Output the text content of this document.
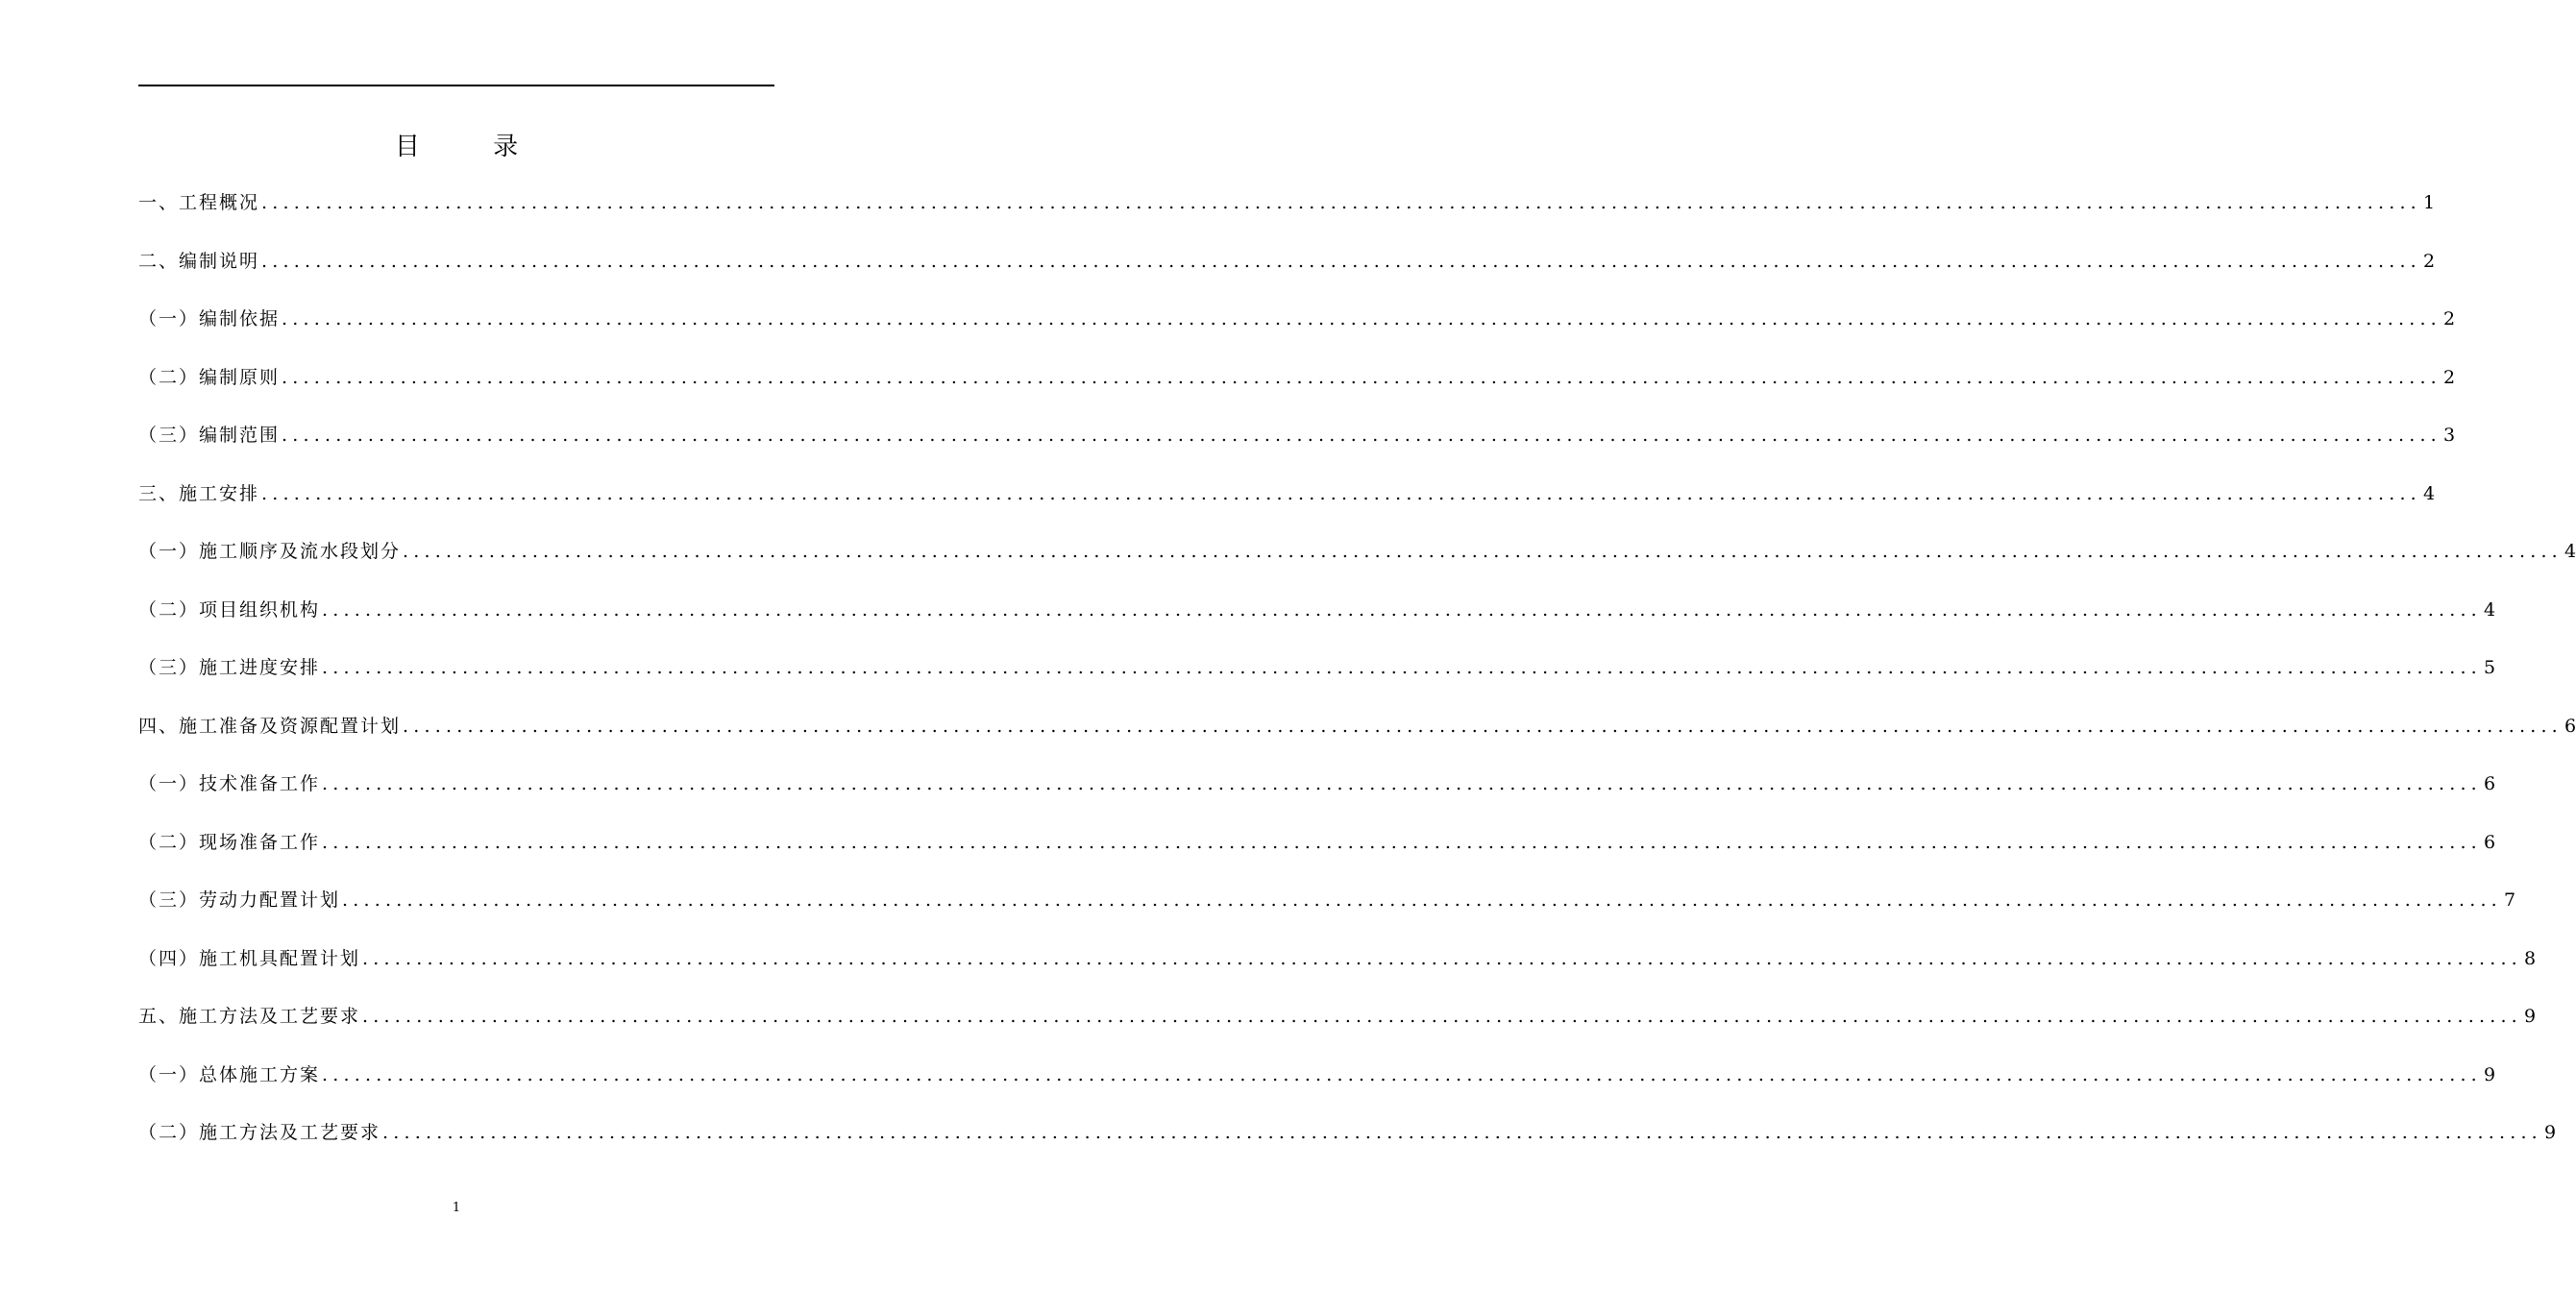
目 录
一、工程概况 ........................................................................................................................................................................................................ 1
二、编制说明 ........................................................................................................................................................................................................ 2
（一）编制依据 ........................................................................................................................................................................................................ 2
（二）编制原则 ........................................................................................................................................................................................................ 2
（三）编制范围 ........................................................................................................................................................................................................ 3
三、施工安排 ........................................................................................................................................................................................................ 4
（一）施工顺序及流水段划分 ........................................................................................................................................................................................................ 4
（二）项目组织机构 ........................................................................................................................................................................................................ 4
（三）施工进度安排 ........................................................................................................................................................................................................ 5
四、施工准备及资源配置计划 ........................................................................................................................................................................................................ 6
（一）技术准备工作 ........................................................................................................................................................................................................ 6
（二）现场准备工作 ........................................................................................................................................................................................................ 6
（三）劳动力配置计划 ........................................................................................................................................................................................................ 7
（四）施工机具配置计划 ........................................................................................................................................................................................................ 8
五、施工方法及工艺要求 ........................................................................................................................................................................................................ 9
（一）总体施工方案 ........................................................................................................................................................................................................ 9
（二）施工方法及工艺要求 ........................................................................................................................................................................................................ 9
1
